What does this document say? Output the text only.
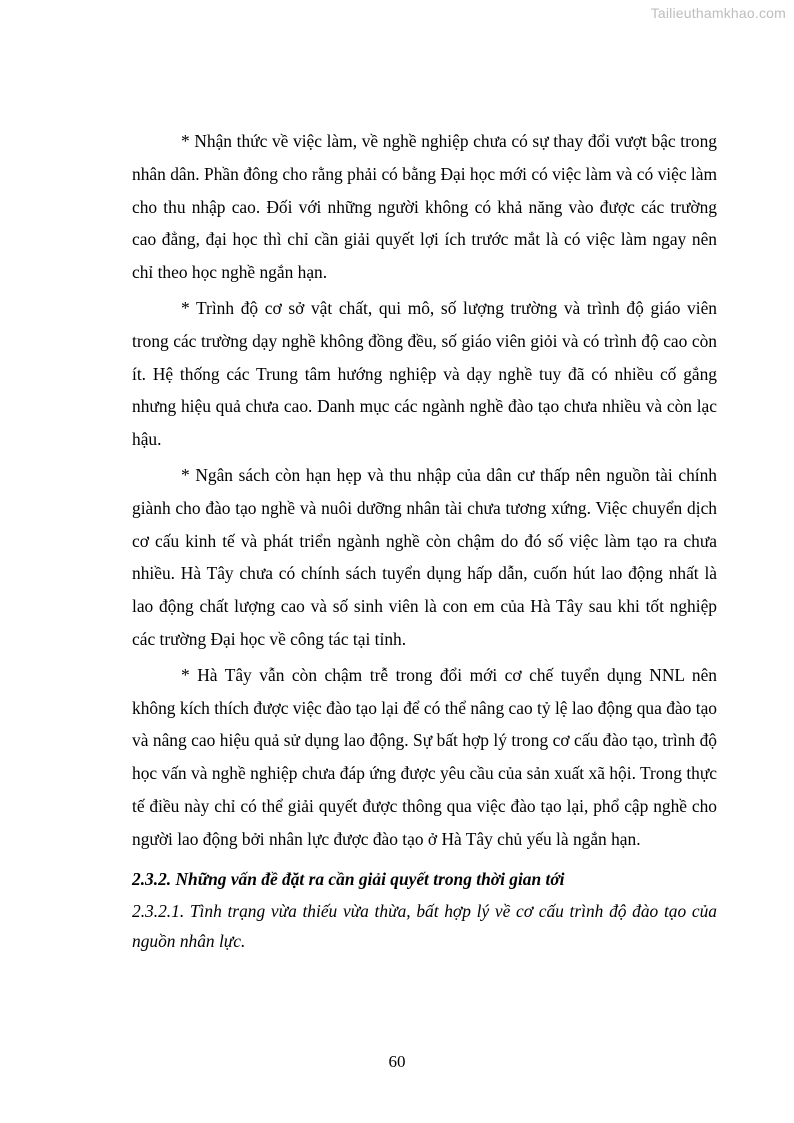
Tailieuthamkhao.com

* Nhận thức về việc làm, về nghề nghiệp chưa có sự thay đổi vượt bậc trong nhân dân. Phần đông cho rằng phải có bằng Đại học mới có việc làm và có việc làm cho thu nhập cao. Đối với những người không có khả năng vào được các trường cao đẳng, đại học thì chỉ cần giải quyết lợi ích trước mắt là có việc làm ngay nên chỉ theo học nghề ngắn hạn.

* Trình độ cơ sở vật chất, qui mô, số lượng trường và trình độ giáo viên trong các trường dạy nghề không đồng đều, số giáo viên giỏi và có trình độ cao còn ít. Hệ thống các Trung tâm hướng nghiệp và dạy nghề tuy đã có nhiều cố gắng nhưng hiệu quả chưa cao. Danh mục các ngành nghề đào tạo chưa nhiều và còn lạc hậu.

* Ngân sách còn hạn hẹp và thu nhập của dân cư thấp nên nguồn tài chính giành cho đào tạo nghề và nuôi dưỡng nhân tài chưa tương xứng. Việc chuyển dịch cơ cấu kinh tế và phát triển ngành nghề còn chậm do đó số việc làm tạo ra chưa nhiều. Hà Tây chưa có chính sách tuyển dụng hấp dẫn, cuốn hút lao động nhất là lao động chất lượng cao và số sinh viên là con em của Hà Tây sau khi tốt nghiệp các trường Đại học về công tác tại tỉnh.

* Hà Tây vẫn còn chậm trễ trong đổi mới cơ chế tuyển dụng NNL nên không kích thích được việc đào tạo lại để có thể nâng cao tỷ lệ lao động qua đào tạo và nâng cao hiệu quả sử dụng lao động. Sự bất hợp lý trong cơ cấu đào tạo, trình độ học vấn và nghề nghiệp chưa đáp ứng được yêu cầu của sản xuất xã hội. Trong thực tế điều này chỉ có thể giải quyết được thông qua việc đào tạo lại, phổ cập nghề cho người lao động bởi nhân lực được đào tạo ở Hà Tây chủ yếu là ngắn hạn.

2.3.2. Những vấn đề đặt ra cần giải quyết trong thời gian tới
2.3.2.1. Tình trạng vừa thiếu vừa thừa, bất hợp lý về cơ cấu trình độ đào tạo của nguồn nhân lực.
60
